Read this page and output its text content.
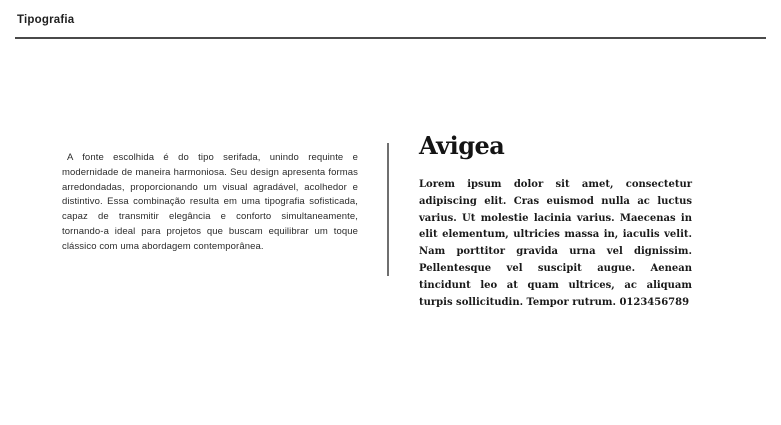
Tipografia

A fonte escolhida é do tipo serifada, unindo requinte e modernidade de maneira harmoniosa. Seu design apresenta formas arredondadas, proporcionando um visual agradável, acolhedor e distintivo. Essa combinação resulta em uma tipografia sofisticada, capaz de transmitir elegância e conforto simultaneamente, tornando-a ideal para projetos que buscam equilibrar um toque clássico com uma abordagem contemporânea.

Avigea

Lorem ipsum dolor sit amet, consectetur adipiscing elit. Cras euismod nulla ac luctus varius. Ut molestie lacinia varius. Maecenas in elit elementum, ultricies massa in, iaculis velit. Nam porttitor gravida urna vel dignissim. Pellentesque vel suscipit augue. Aenean tincidunt leo at quam ultrices, ac aliquam turpis sollicitudin. Tempor rutrum. 0123456789
